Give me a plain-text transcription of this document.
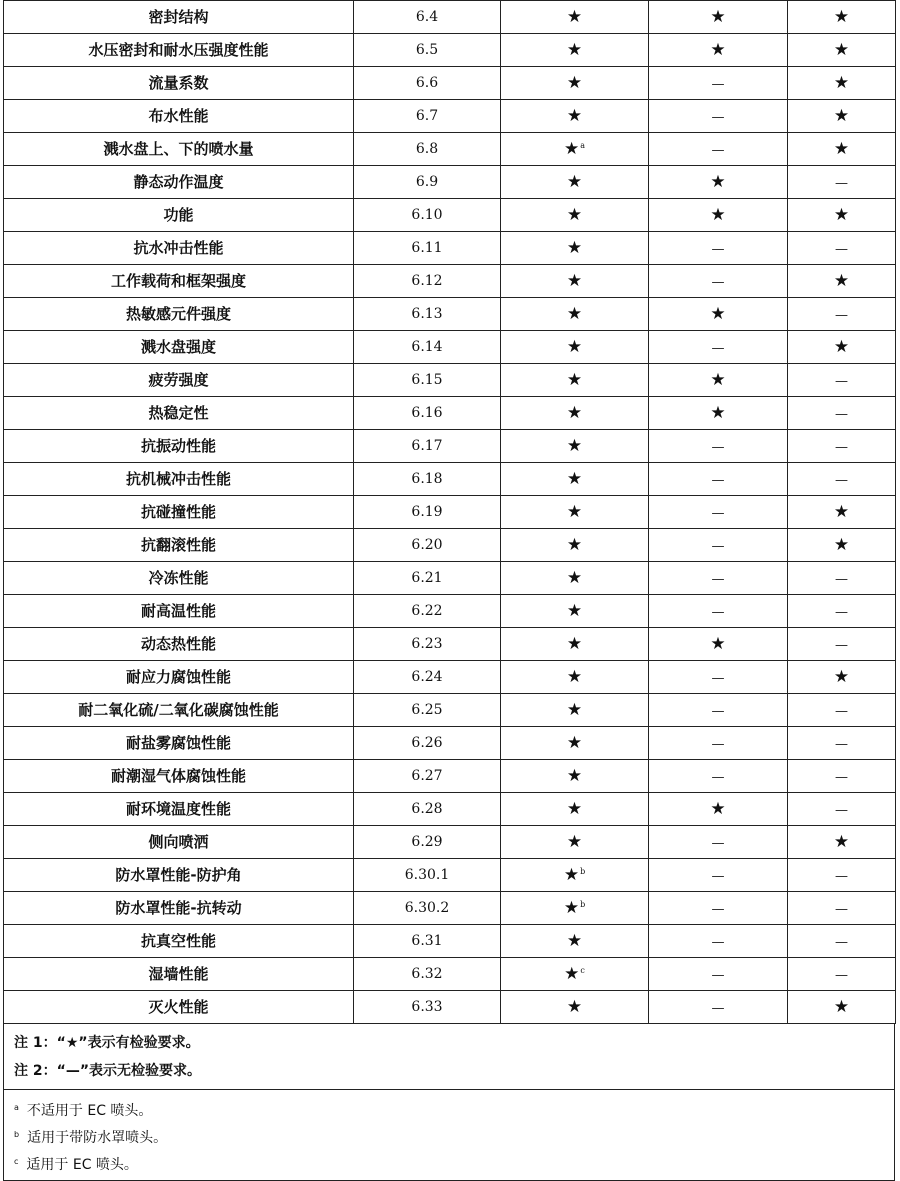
密封结构	6.4	★	★	★
水压密封和耐水压强度性能	6.5	★	★	★
流量系数	6.6	★	—	★
布水性能	6.7	★	—	★
溅水盘上、下的喷水量	6.8	★$^a$	—	★
静态动作温度	6.9	★	★	—
功能	6.10	★	★	★
抗水冲击性能	6.11	★	—	—
工作载荷和框架强度	6.12	★	—	★
热敏感元件强度	6.13	★	★	—
溅水盘强度	6.14	★	—	★
疲劳强度	6.15	★	★	—
热稳定性	6.16	★	★	—
抗振动性能	6.17	★	—	—
抗机械冲击性能	6.18	★	—	—
抗碰撞性能	6.19	★	—	★
抗翻滚性能	6.20	★	—	★
冷冻性能	6.21	★	—	—
耐高温性能	6.22	★	—	—
动态热性能	6.23	★	★	—
耐应力腐蚀性能	6.24	★	—	★
耐二氧化硫/二氧化碳腐蚀性能	6.25	★	—	—
耐盐雾腐蚀性能	6.26	★	—	—
耐潮湿气体腐蚀性能	6.27	★	—	—
耐环境温度性能	6.28	★	★	—
侧向喷洒	6.29	★	—	★
防水罩性能-防护角	6.30.1	★$^b$	—	—
防水罩性能-抗转动	6.30.2	★$^b$	—	—
抗真空性能	6.31	★	—	—
湿墙性能	6.32	★$^c$	—	—
灭火性能	6.33	★	—	★
注 1：“★”表示有检验要求。
注 2：“—”表示无检验要求。
$^a$ 不适用于 EC 喷头。
$^b$ 适用于带防水罩喷头。
$^c$ 适用于 EC 喷头。
